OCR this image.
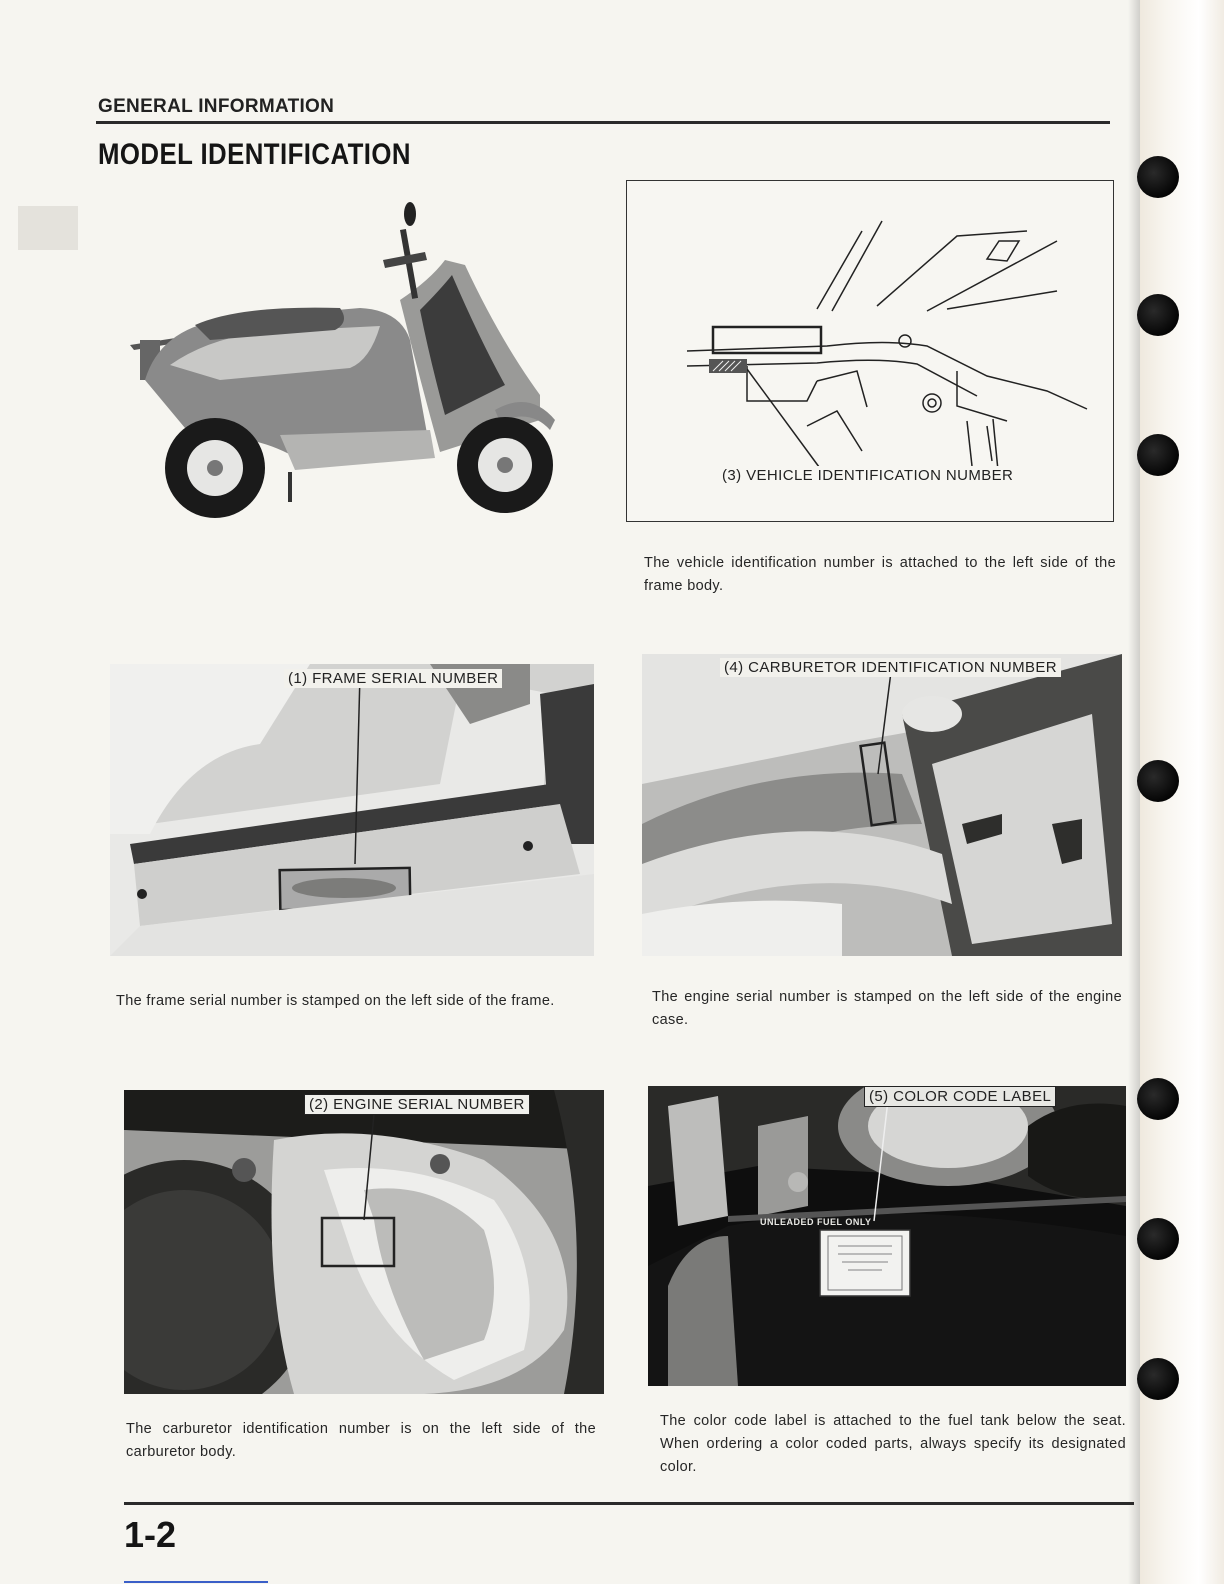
GENERAL INFORMATION
MODEL IDENTIFICATION
(3) VEHICLE IDENTIFICATION NUMBER
The vehicle identification number is attached to the left side of the frame body.
(1) FRAME SERIAL NUMBER
The frame serial number is stamped on the left side of the frame.
(4) CARBURETOR IDENTIFICATION NUMBER
The engine serial number is stamped on the left side of the engine case.
(2) ENGINE SERIAL NUMBER
The carburetor identification number is on the left side of the carburetor body.
(5) COLOR CODE LABEL
UNLEADED FUEL ONLY
The color code label is attached to the fuel tank below the seat. When ordering a color coded parts, always specify its designated color.
1-2
